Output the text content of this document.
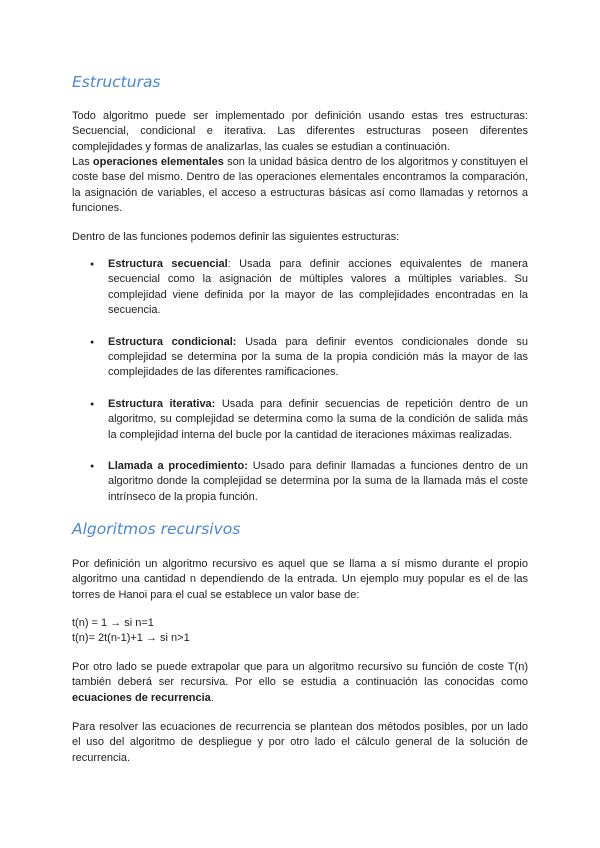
Estructuras

Todo algoritmo puede ser implementado por definición usando estas tres estructuras: Secuencial, condicional e iterativa. Las diferentes estructuras poseen diferentes complejidades y formas de analizarlas, las cuales se estudian a continuación.

Las operaciones elementales son la unidad básica dentro de los algoritmos y constituyen el coste base del mismo. Dentro de las operaciones elementales encontramos la comparación, la asignación de variables, el acceso a estructuras básicas así como llamadas y retornos a funciones.

Dentro de las funciones podemos definir las siguientes estructuras:

● Estructura secuencial: Usada para definir acciones equivalentes de manera secuencial como la asignación de múltiples valores a múltiples variables. Su complejidad viene definida por la mayor de las complejidades encontradas en la secuencia.
● Estructura condicional: Usada para definir eventos condicionales donde su complejidad se determina por la suma de la propia condición más la mayor de las complejidades de las diferentes ramificaciones.
● Estructura iterativa: Usada para definir secuencias de repetición dentro de un algoritmo, su complejidad se determina como la suma de la condición de salida más la complejidad interna del bucle por la cantidad de iteraciones máximas realizadas.
● Llamada a procedimiento: Usado para definir llamadas a funciones dentro de un algoritmo donde la complejidad se determina por la suma de la llamada más el coste intrínseco de la propia función.
Algoritmos recursivos

Por definición un algoritmo recursivo es aquel que se llama a sí mismo durante el propio algoritmo una cantidad n dependiendo de la entrada. Un ejemplo muy popular es el de las torres de Hanoi para el cual se establece un valor base de:

t(n) = 1 → si n=1
t(n)= 2t(n-1)+1 → si n>1

Por otro lado se puede extrapolar que para un algoritmo recursivo su función de coste T(n) también deberá ser recursiva. Por ello se estudia a continuación las conocidas como ecuaciones de recurrencia.

Para resolver las ecuaciones de recurrencia se plantean dos métodos posibles, por un lado el uso del algoritmo de despliegue y por otro lado el cálculo general de la solución de recurrencia.
